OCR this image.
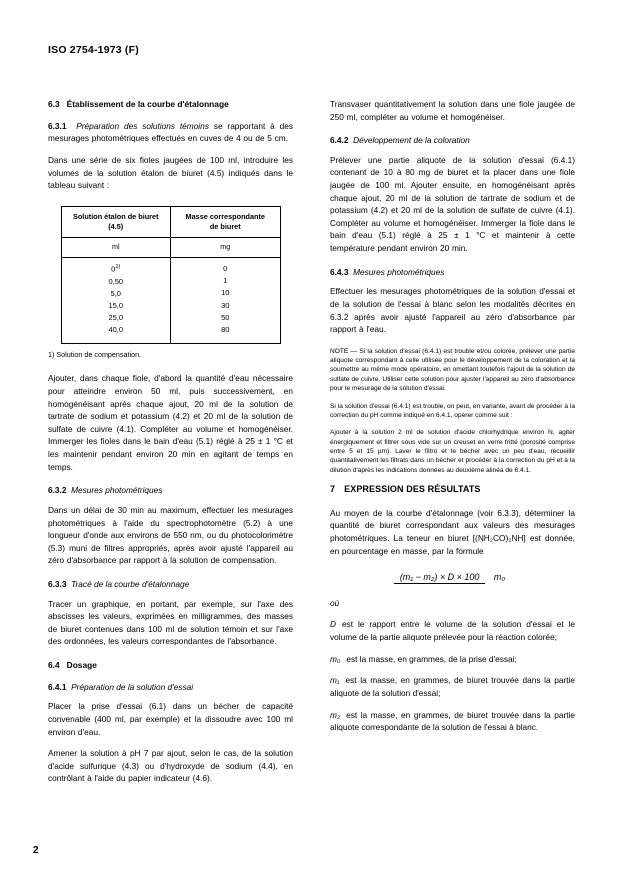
ISO 2754-1973 (F)
6.3 Établissement de la courbe d'étalonnage

6.3.1 Préparation des solutions témoins se rapportant à des mesurages photométriques effectués en cuves de 4 ou de 5 cm.

Dans une série de six fioles jaugées de 100 ml, introduire les volumes de la solution étalon de biuret (4.5) indiqués dans le tableau suivant :

Solution étalon de biuret
(4.5)
ml
0$^{1)}$
0,50
5,0
15,0
25,0
40,0
Masse correspondante
de biuret
mg
0
1
10
30
50
80
1) Solution de compensation.

Ajouter, dans chaque fiole, d'abord la quantité d'eau nécessaire pour atteindre environ 50 ml, puis successivement, en homogénéisant après chaque ajout, 20 ml de la solution de tartrate de sodium et potassium (4.2) et 20 ml de la solution de sulfate de cuivre (4.1). Compléter au volume et homogénéiser. Immerger les fioles dans le bain d'eau (5.1) réglé à 25 ± 1 °C et les maintenir pendant environ 20 min en agitant de temps en temps.

6.3.2 Mesures photométriques

Dans un délai de 30 min au maximum, effectuer les mesurages photométriques à l'aide du spectrophotomètre (5.2) à une longueur d'onde aux environs de 550 nm, ou du photocolorimètre (5.3) muni de filtres appropriés, après avoir ajusté l'appareil au zéro d'absorbance par rapport à la solution de compensation.

6.3.3 Tracé de la courbe d'étalonnage

Tracer un graphique, en portant, par exemple, sur l'axe des abscisses les valeurs, exprimées en milligrammes, des masses de biuret contenues dans 100 ml de solution témoin et sur l'axe des ordonnées, les valeurs correspondantes de l'absorbance.

6.4 Dosage

6.4.1 Préparation de la solution d'essai

Placer la prise d'essai (6.1) dans un bécher de capacité convenable (400 ml, par exemple) et la dissoudre avec 100 ml environ d'eau.

Amener la solution à pH 7 par ajout, selon le cas, de la solution d'acide sulfurique (4.3) ou d'hydroxyde de sodium (4.4), en contrôlant à l'aide du papier indicateur (4.6).

Transvaser quantitativement la solution dans une fiole jaugée de 250 ml, compléter au volume et homogénéiser.

6.4.2 Développement de la coloration

Prélever une partie aliquote de la solution d'essai (6.4.1) contenant de 10 à 80 mg de biuret et la placer dans une fiole jaugée de 100 ml. Ajouter ensuite, en homogénéisant après chaque ajout, 20 ml de la solution de tartrate de sodium et de potassium (4.2) et 20 ml de la solution de sulfate de cuivre (4.1). Compléter au volume et homogénéiser. Immerger la fiole dans le bain d'eau (5.1) réglé à 25 ± 1 °C et maintenir à cette température pendant environ 20 min.

6.4.3 Mesures photométriques

Effectuer les mesurages photométriques de la solution d'essai et de la solution de l'essai à blanc selon les modalités décrites en 6.3.2 après avoir ajusté l'appareil au zéro d'absorbance par rapport à l'eau.

NOTE — Si la solution d'essai (6.4.1) est trouble et/ou colorée, prélever une partie aliquote correspondant à celle utilisée pour le développement de la coloration et la soumettre au même mode opératoire, en omettant toutefois l'ajout de la solution de sulfate de cuivre. Utiliser cette solution pour ajuster l'appareil au zéro d'absorbance pour le mesurage de la solution d'essai.
Si la solution d'essai (6.4.1) est trouble, on peut, en variante, avant de procéder à la correction du pH comme indiqué en 6.4.1, opérer comme suit :
Ajouter à la solution 2 ml de solution d'acide chlorhydrique environ N, agiter énergiquement et filtrer sous vide sur un creuset en verre fritté (porosité comprise entre 5 et 15 µm). Laver le filtro et le bécher avec un peu d'eau, recueillir quantitativement les filtrats dans un bécher et procéder à la correction du pH et à la dilution d'après les indications données au deuxième alinéa de 6.4.1.
7 EXPRESSION DES RÉSULTATS

Au moyen de la courbe d'étalonnage (voir 6.3.3), déterminer la quantité de biuret correspondant aux valeurs des mesurages photométriques. La teneur en biuret [(NH₂CO)₂NH] est donnée, en pourcentage en masse, par la formule

(m₁ − m₂) × D × 100 m₀
où
D est le rapport entre le volume de la solution d'essai et le volume de la partie aliquote prélevée pour la réaction colorée;
m₀ est la masse, en grammes, de la prise d'essai;
m₁ est la masse, en grammes, de biuret trouvée dans la partie aliquote de la solution d'essai;
m₂ est la masse, en grammes, de biuret trouvée dans la partie aliquote correspondante de la solution de l'essai à blanc.
2
